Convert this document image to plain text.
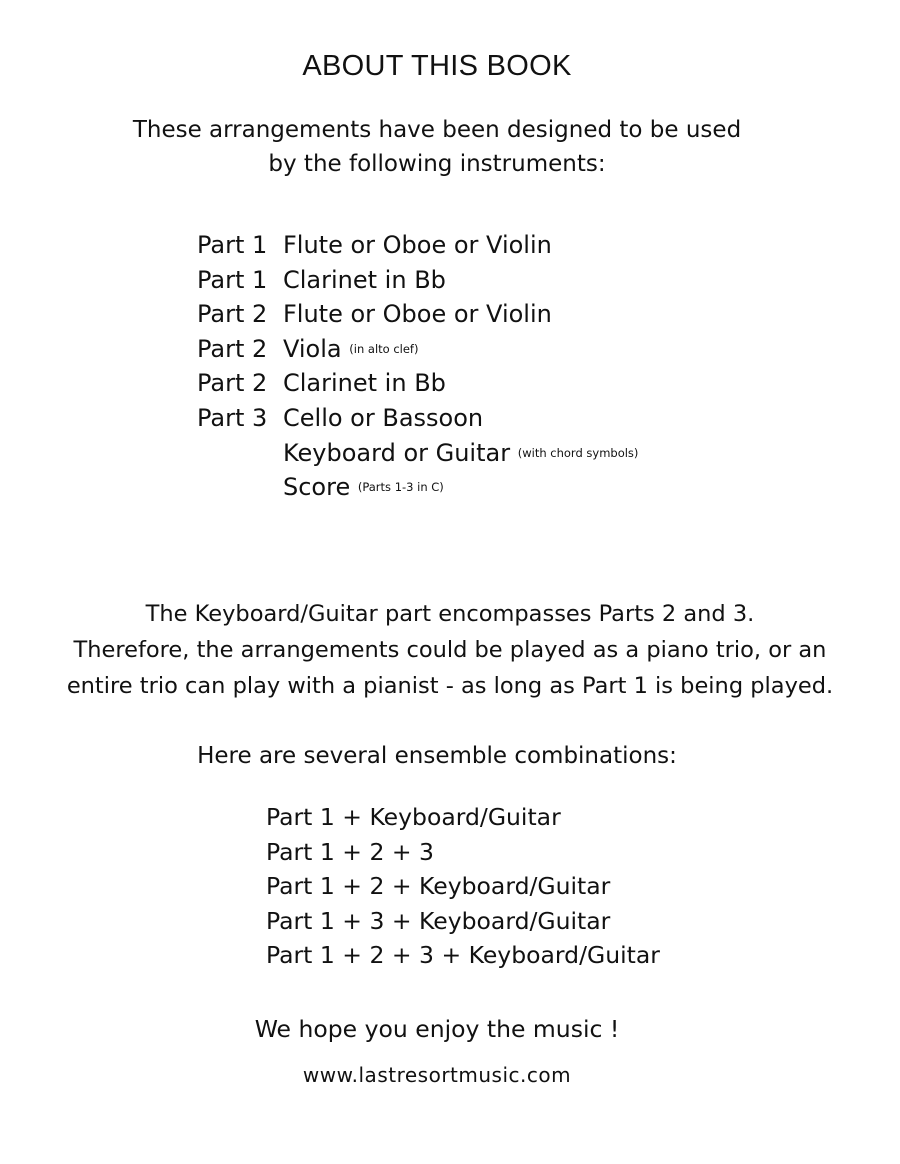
ABOUT THIS BOOK
These arrangements have been designed to be used
by the following instruments:
Part 1 Flute or Oboe or Violin
Part 1 Clarinet in Bb
Part 2 Flute or Oboe or Violin
Part 2 Viola
(in alto clef)
Part 2 Clarinet in Bb
Part 3 Cello or Bassoon
Keyboard or Guitar
(with chord symbols)
Score
(Parts 1-3 in C)
The Keyboard/Guitar part encompasses Parts 2 and 3.
Therefore, the arrangements could be played as a piano trio, or an
entire trio can play with a pianist - as long as Part 1 is being played.
Here are several ensemble combinations:
Part 1 + Keyboard/Guitar
Part 1 + 2 + 3
Part 1 + 2 + Keyboard/Guitar
Part 1 + 3 + Keyboard/Guitar
Part 1 + 2 + 3 + Keyboard/Guitar
We hope you enjoy the music !
www.lastresortmusic.com
